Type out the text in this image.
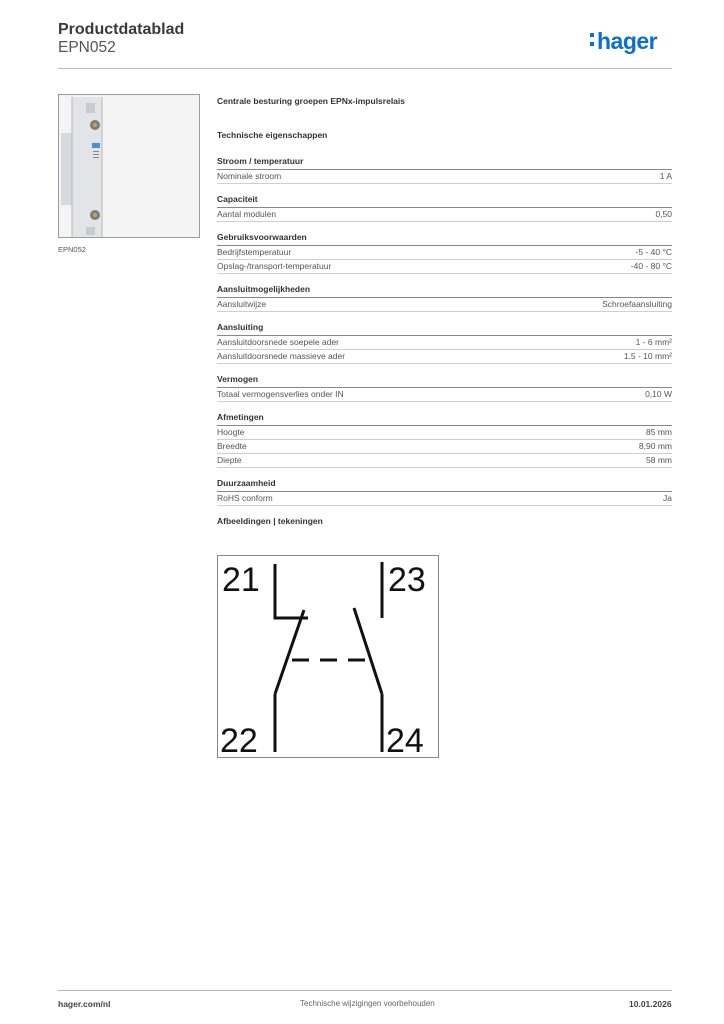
Productdatablad
EPN052	hager
EPN052
Centrale besturing groepen EPNx-impulsrelais
Technische eigenschappen
Stroom / temperatuur
Nominale stroom	1 A
Capaciteit
Aantal modulen	0,50
Gebruiksvoorwaarden
Bedrijfstemperatuur	-5 - 40 °C
Opslag-/transport-temperatuur	-40 - 80 °C
Aansluitmogelijkheden
Aansluitwijze	Schroefaansluiting
Aansluiting
Aansluitdoorsnede soepele ader	1 - 6 mm²
Aansluitdoorsnede massieve ader	1.5 - 10 mm²
Vermogen
Totaal vermogensverlies onder IN	0,10 W
Afmetingen
Hoogte	85 mm
Breedte	8,90 mm
Diepte	58 mm
Duurzaamheid
RoHS conform	Ja
Afbeeldingen | tekeningen
21	23
22	24
hager.com/nl	Technische wijzigingen voorbehouden	10.01.2026
